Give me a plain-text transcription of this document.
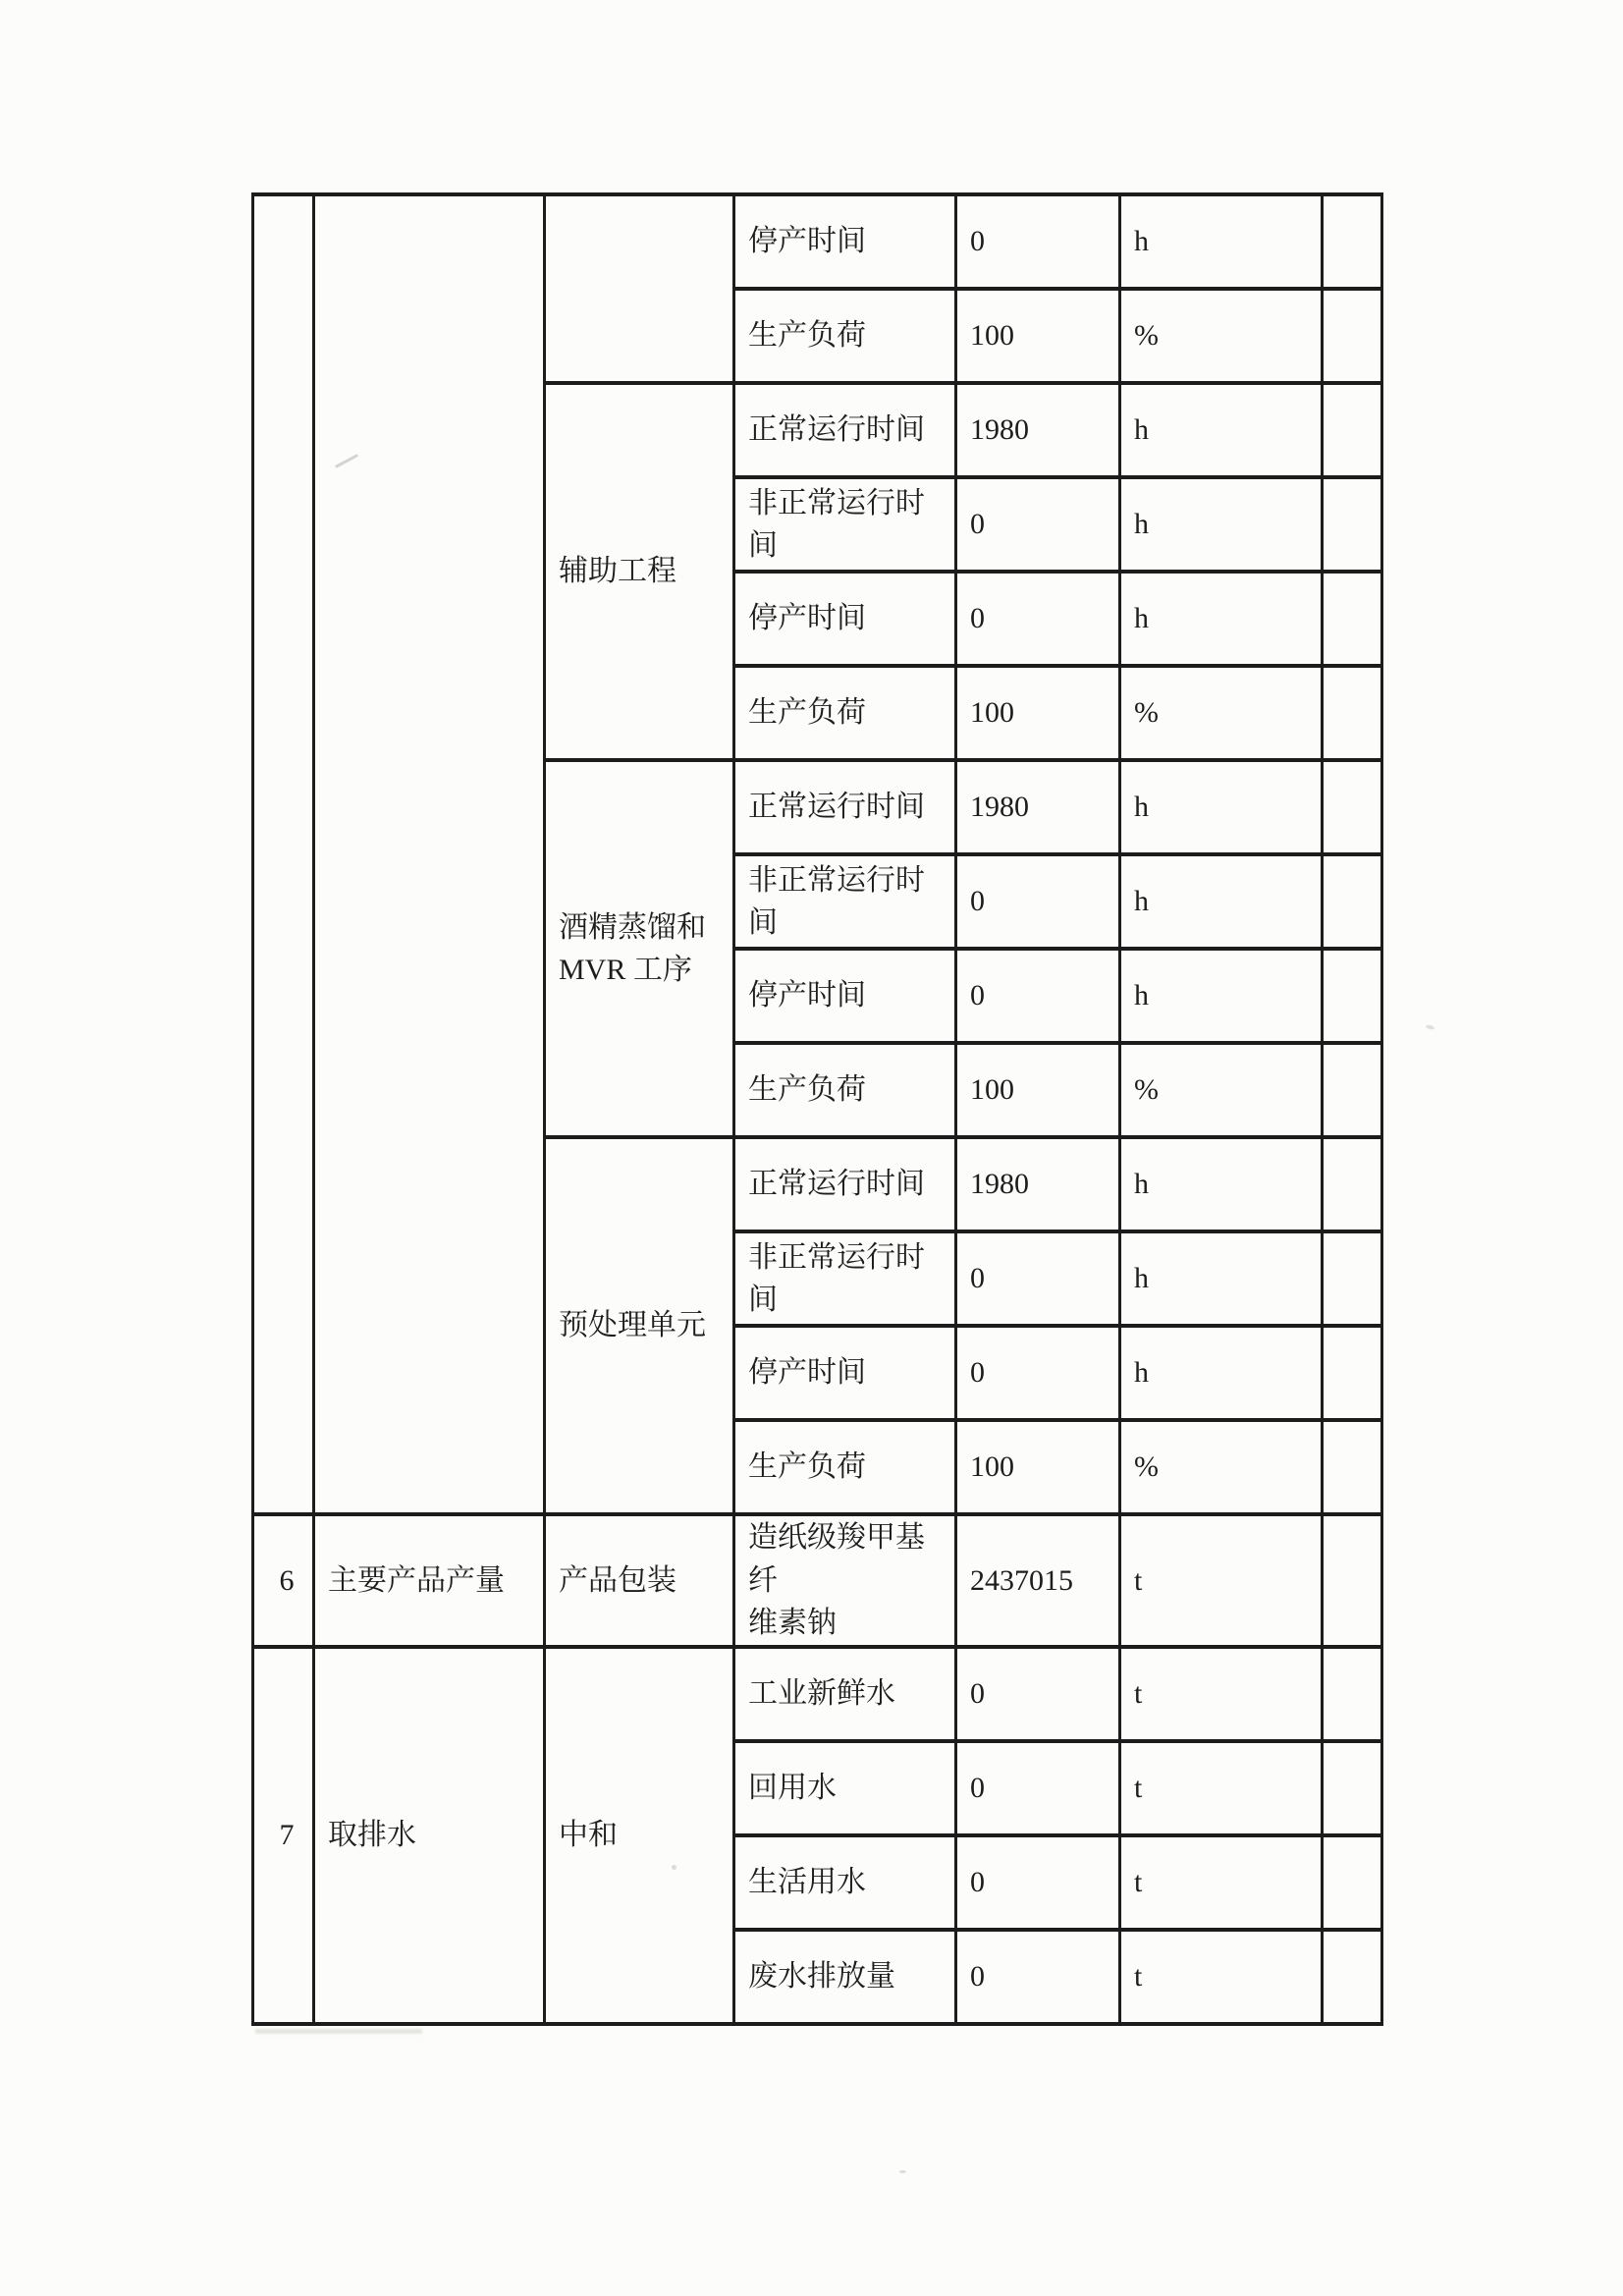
			停产时间	0	h	
			生产负荷	100	%	
		辅助工程	正常运行时间	1980	h	
			非正常运行时间	0	h	
			停产时间	0	h	
			生产负荷	100	%	

		酒精蒸馏和
MVR 工序	正常运行时间	1980	h	
			非正常运行时间	0	h	
			停产时间	0	h	
			生产负荷	100	%	
		预处理单元	正常运行时间	1980	h	
			非正常运行时间	0	h	
			停产时间	0	h	
			生产负荷	100	%	
6	主要产品产量	产品包装	造纸级羧甲基纤
维素钠	2437015	t	
7	取排水	中和	工业新鲜水	0	t	
			回用水	0	t	
			生活用水	0	t	
			废水排放量	0	t	
